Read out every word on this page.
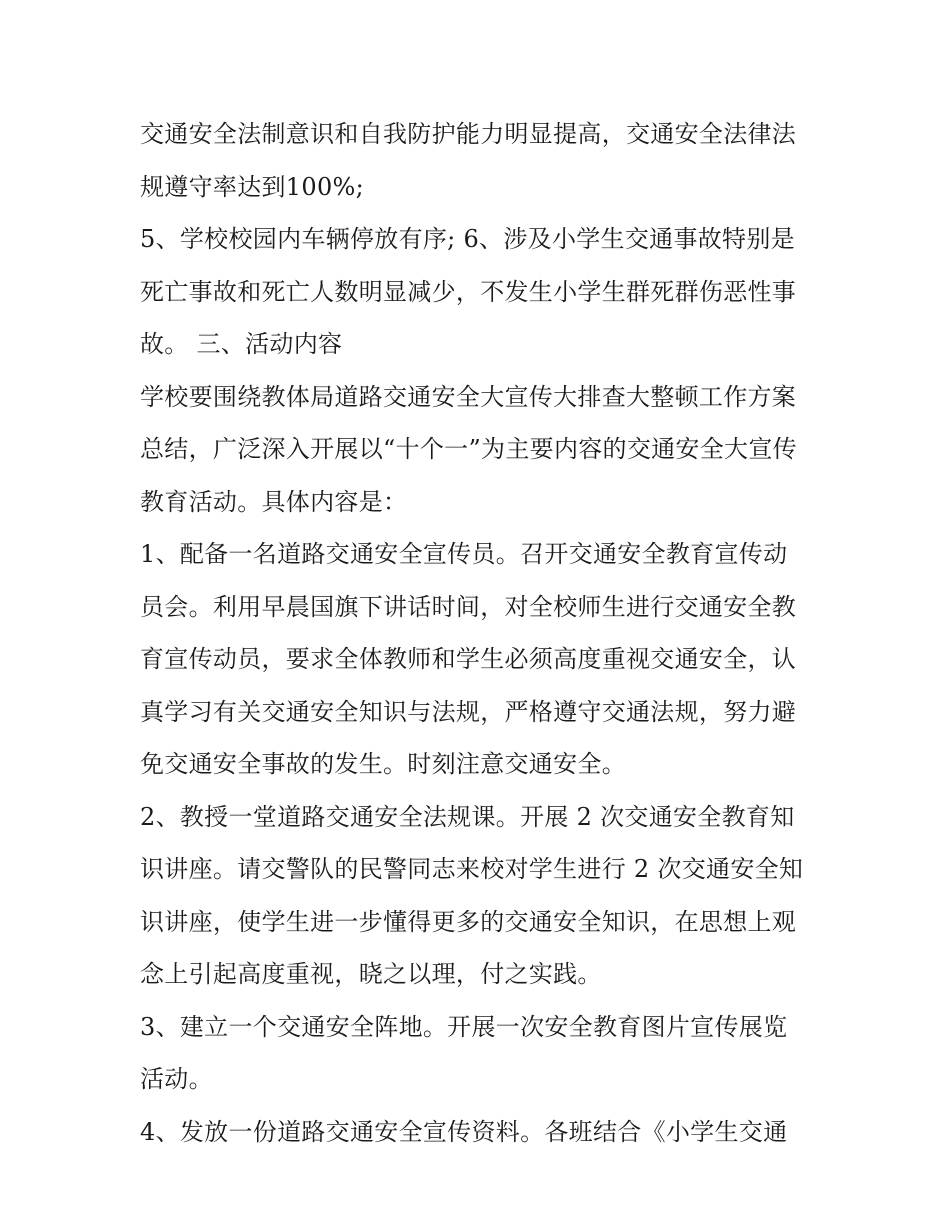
交通安全法制意识和自我防护能力明显提高，交通安全法律法
规遵守率达到100%;
5、学校校园内车辆停放有序; 6、涉及小学生交通事故特别是
死亡事故和死亡人数明显减少，不发生小学生群死群伤恶性事
故。 三、活动内容
学校要围绕教体局道路交通安全大宣传大排查大整顿工作方案
总结，广泛深入开展以“十个一”为主要内容的交通安全大宣传
教育活动。具体内容是：
1、配备一名道路交通安全宣传员。召开交通安全教育宣传动
员会。利用早晨国旗下讲话时间，对全校师生进行交通安全教
育宣传动员，要求全体教师和学生必须高度重视交通安全，认
真学习有关交通安全知识与法规，严格遵守交通法规，努力避
免交通安全事故的发生。时刻注意交通安全。
2、教授一堂道路交通安全法规课。开展 2 次交通安全教育知
识讲座。请交警队的民警同志来校对学生进行 2 次交通安全知
识讲座，使学生进一步懂得更多的交通安全知识，在思想上观
念上引起高度重视，晓之以理，付之实践。
3、建立一个交通安全阵地。开展一次安全教育图片宣传展览
活动。
4、发放一份道路交通安全宣传资料。各班结合《小学生交通
